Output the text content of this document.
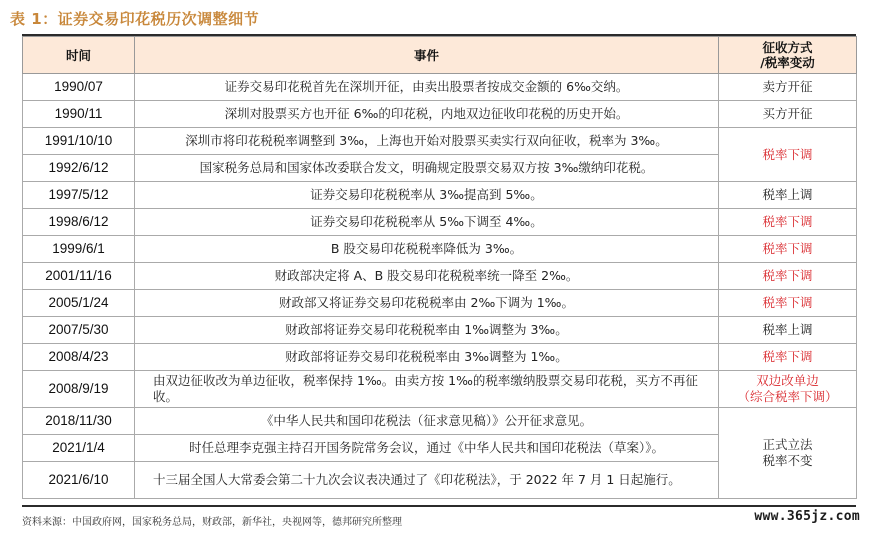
表 1：证券交易印花税历次调整细节
时间	事件	征收方式
/税率变动
1990/07	证券交易印花税首先在深圳开征，由卖出股票者按成交金额的 6‰交纳。	卖方开征
1990/11	深圳对股票买方也开征 6‰的印花税，内地双边征收印花税的历史开始。	买方开征
1991/10/10	深圳市将印花税税率调整到 3‰，上海也开始对股票买卖实行双向征收，税率为 3‰。	税率下调
1992/6/12	国家税务总局和国家体改委联合发文，明确规定股票交易双方按 3‰缴纳印花税。	
1997/5/12	证券交易印花税税率从 3‰提高到 5‰。	税率上调
1998/6/12	证券交易印花税税率从 5‰下调至 4‰。	税率下调
1999/6/1	B 股交易印花税税率降低为 3‰。	税率下调
2001/11/16	财政部决定将 A、B 股交易印花税税率统一降至 2‰。	税率下调
2005/1/24	财政部又将证券交易印花税税率由 2‰下调为 1‰。	税率下调
2007/5/30	财政部将证券交易印花税税率由 1‰调整为 3‰。	税率上调
2008/4/23	财政部将证券交易印花税税率由 3‰调整为 1‰。	税率下调
2008/9/19	由双边征收改为单边征收，税率保持 1‰。由卖方按 1‰的税率缴纳股票交易印花税，买方不再征收。	双边改单边
（综合税率下调）

2018/11/30	《中华人民共和国印花税法（征求意见稿）》公开征求意见。	正式立法
税率不变

2021/1/4	时任总理李克强主持召开国务院常务会议，通过《中华人民共和国印花税法（草案）》。	
2021/6/10	十三届全国人大常委会第二十九次会议表决通过了《印花税法》，于 2022 年 7 月 1 日起施行。	
资料来源：中国政府网，国家税务总局，财政部，新华社，央视网等，德邦研究所整理	www.365jz.com
